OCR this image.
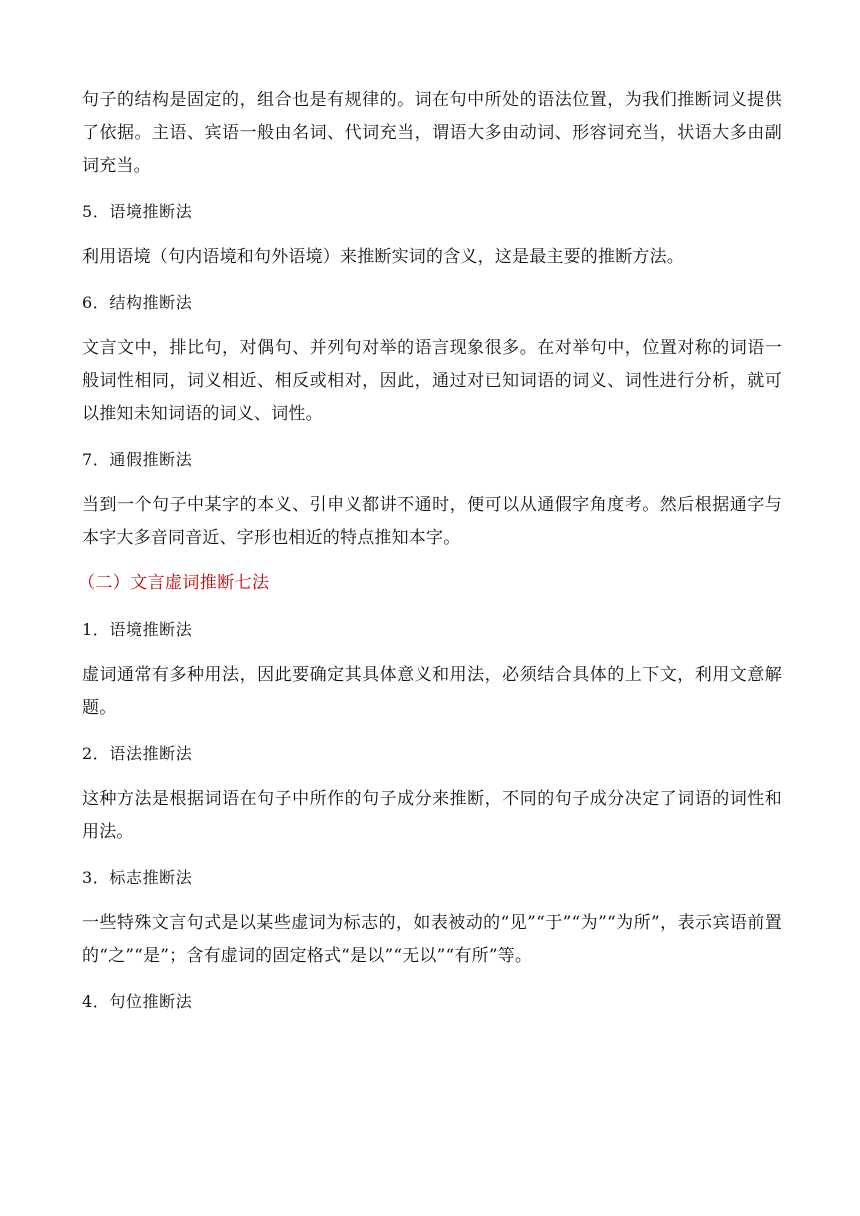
句子的结构是固定的，组合也是有规律的。词在句中所处的语法位置，为我们推断词义提供了依据。主语、宾语一般由名词、代词充当，谓语大多由动词、形容词充当，状语大多由副词充当。

5．语境推断法

利用语境（句内语境和句外语境）来推断实词的含义，这是最主要的推断方法。

6．结构推断法

文言文中，排比句，对偶句、并列句对举的语言现象很多。在对举句中，位置对称的词语一般词性相同，词义相近、相反或相对，因此，通过对已知词语的词义、词性进行分析，就可以推知未知词语的词义、词性。

7．通假推断法

当到一个句子中某字的本义、引申义都讲不通时，便可以从通假字角度考。然后根据通字与本字大多音同音近、字形也相近的特点推知本字。

（二）文言虚词推断七法

1．语境推断法

虚词通常有多种用法，因此要确定其具体意义和用法，必须结合具体的上下文，利用文意解题。

2．语法推断法

这种方法是根据词语在句子中所作的句子成分来推断，不同的句子成分决定了词语的词性和用法。

3．标志推断法

一些特殊文言句式是以某些虚词为标志的，如表被动的“见”“于”“为”“为所”，表示宾语前置的“之”“是”；含有虚词的固定格式“是以”“无以”“有所”等。

4．句位推断法
